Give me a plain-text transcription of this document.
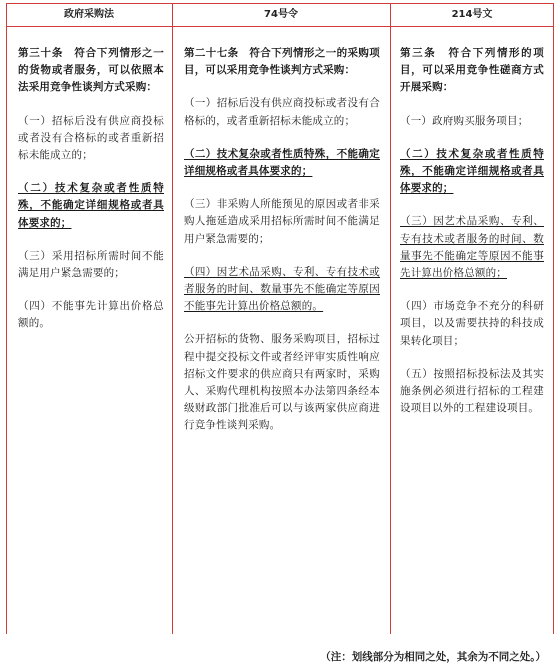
政府采购法	74号令	214号文

第三十条　符合下列情形之一的货物或者服务，可以依照本法采用竞争性谈判方式采购：

（一）招标后没有供应商投标或者没有合格标的或者重新招标未能成立的；

（二）技术复杂或者性质特殊，不能确定详细规格或者具体要求的；

（三）采用招标所需时间不能满足用户紧急需要的；

（四）不能事先计算出价格总额的。

第二十七条　符合下列情形之一的采购项目，可以采用竞争性谈判方式采购：

（一）招标后没有供应商投标或者没有合格标的，或者重新招标未能成立的；

（二）技术复杂或者性质特殊，不能确定详细规格或者具体要求的；

（三）非采购人所能预见的原因或者非采购人拖延造成采用招标所需时间不能满足用户紧急需要的；

（四）因艺术品采购、专利、专有技术或者服务的时间、数量事先不能确定等原因不能事先计算出价格总额的。

公开招标的货物、服务采购项目，招标过程中提交投标文件或者经评审实质性响应招标文件要求的供应商只有两家时，采购人、采购代理机构按照本办法第四条经本级财政部门批准后可以与该两家供应商进行竞争性谈判采购。

第三条　符合下列情形的项目，可以采用竞争性磋商方式开展采购：

（一）政府购买服务项目；

（二）技术复杂或者性质特殊，不能确定详细规格或者具体要求的；

（三）因艺术品采购、专利、专有技术或者服务的时间、数量事先不能确定等原因不能事先计算出价格总额的；

（四）市场竞争不充分的科研项目，以及需要扶持的科技成果转化项目；

（五）按照招标投标法及其实施条例必须进行招标的工程建设项目以外的工程建设项目。

（注：划线部分为相同之处，其余为不同之处。）
